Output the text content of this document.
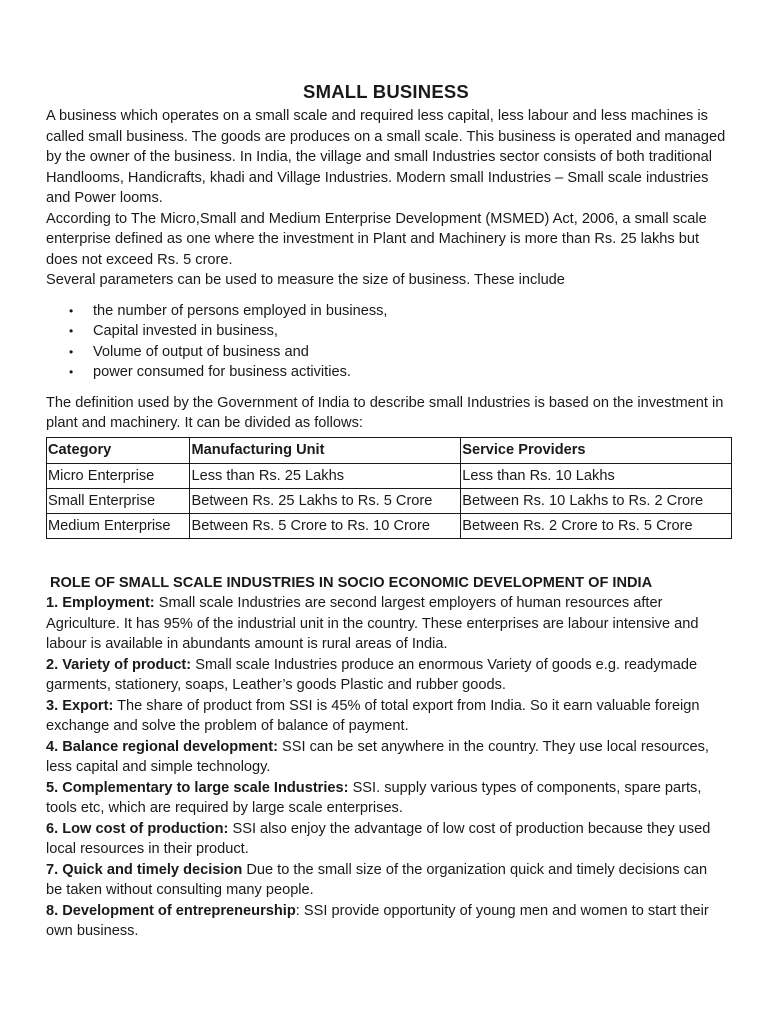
SMALL BUSINESS

A business which operates on a small scale and required less capital, less labour and less machines is called small business. The goods are produces on a small scale. This business is operated and managed by the owner of the business. In India, the village and small Industries sector consists of both traditional Handlooms, Handicrafts, khadi and Village Industries. Modern small Industries – Small scale industries and Power looms.

According to The Micro,Small and Medium Enterprise Development (MSMED) Act, 2006, a small scale enterprise defined as one where the investment in Plant and Machinery is more than Rs. 25 lakhs but does not exceed Rs. 5 crore.

Several parameters can be used to measure the size of business. These include

• the number of persons employed in business,
• Capital invested in business,
• Volume of output of business and
• power consumed for business activities.

The definition used by the Government of India to describe small Industries is based on the investment in plant and machinery. It can be divided as follows:

Category	Manufacturing Unit	Service Providers
Micro Enterprise	Less than Rs. 25 Lakhs	Less than Rs. 10 Lakhs
Small Enterprise	Between Rs. 25 Lakhs to Rs. 5 Crore	Between Rs. 10 Lakhs to Rs. 2 Crore
Medium Enterprise	Between Rs. 5 Crore to Rs. 10 Crore	Between Rs. 2 Crore to Rs. 5 Crore

ROLE OF SMALL SCALE INDUSTRIES IN SOCIO ECONOMIC DEVELOPMENT OF INDIA

1. Employment: Small scale Industries are second largest employers of human resources after Agriculture. It has 95% of the industrial unit in the country. These enterprises are labour intensive and labour is available in abundants amount is rural areas of India.

2. Variety of product: Small scale Industries produce an enormous Variety of goods e.g. readymade garments, stationery, soaps, Leather’s goods Plastic and rubber goods.

3. Export: The share of product from SSI is 45% of total export from India. So it earn valuable foreign exchange and solve the problem of balance of payment.

4. Balance regional development: SSI can be set anywhere in the country. They use local resources, less capital and simple technology.

5. Complementary to large scale Industries: SSI. supply various types of components, spare parts, tools etc, which are required by large scale enterprises.

6. Low cost of production: SSI also enjoy the advantage of low cost of production because they used local resources in their product.

7. Quick and timely decision Due to the small size of the organization quick and timely decisions can be taken without consulting many people.

8. Development of entrepreneurship: SSI provide opportunity of young men and women to start their own business.
